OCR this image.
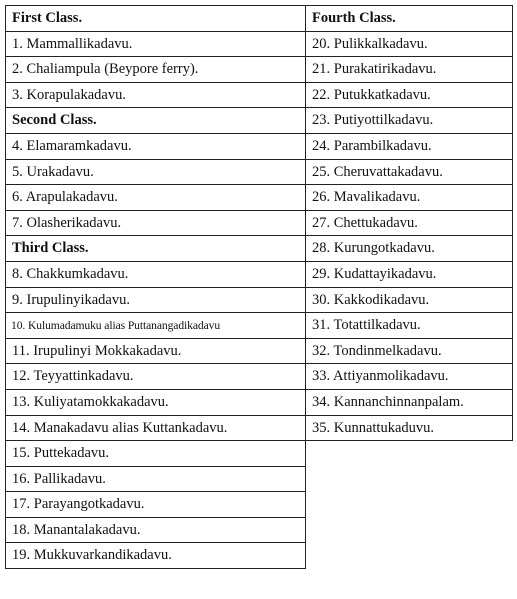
First Class.
1. Mammallikadavu.
2. Chaliampula (Beypore ferry).
3. Korapulakadavu.
Second Class.
4. Elamaramkadavu.
5. Urakadavu.
6. Arapulakadavu.
7. Olasherikadavu.
Third Class.
8. Chakkumkadavu.
9. Irupulinyikadavu.
10. Kulumadamuku alias Puttanangadikadavu
11. Irupulinyi Mokkakadavu.
12. Teyyattinkadavu.
13. Kuliyatamokkakadavu.
14. Manakadavu alias Kuttankadavu.
15. Puttekadavu.
16. Pallikadavu.
17. Parayangotkadavu.
18. Manantalakadavu.
19. Mukkuvarkandikadavu.
Fourth Class.
20. Pulikkalkadavu.
21. Purakatirikadavu.
22. Putukkatkadavu.
23. Putiyottilkadavu.
24. Parambilkadavu.
25. Cheruvattakadavu.
26. Mavalikadavu.
27. Chettukadavu.
28. Kurungotkadavu.
29. Kudattayikadavu.
30. Kakkodikadavu.
31. Totattilkadavu.
32. Tondinmelkadavu.
33. Attiyanmolikadavu.
34. Kannanchinnanpalam.
35. Kunnattukaduvu.
